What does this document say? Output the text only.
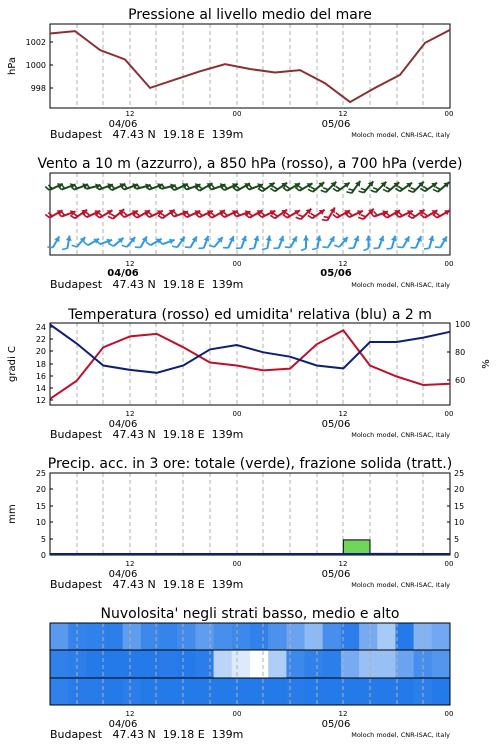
Pressione al livello medio del mare
1002
1000
998
hPa
12	00	12	00
04/06	05/06
Budapest   47.43 N  19.18 E  139m	Moloch model, CNR-ISAC, Italy
Vento a 10 m (azzurro), a 850 hPa (rosso), a 700 hPa (verde)
12	00	12	00
04/06	05/06
Budapest   47.43 N  19.18 E  139m	Moloch model, CNR-ISAC, Italy
Temperatura (rosso) ed umidita' relativa (blu) a 2 m
24
22
20
18
16
14
12
100
80
60
gradi C	%
12	00	12	00
04/06	05/06
Budapest   47.43 N  19.18 E  139m	Moloch model, CNR-ISAC, Italy
Precip. acc. in 3 ore: totale (verde), frazione solida (tratt.)
25
20
15
10
5
0
25
20
15
10
5
0
mm
12	00	12	00
04/06	05/06
Budapest   47.43 N  19.18 E  139m	Moloch model, CNR-ISAC, Italy
Nuvolosita' negli strati basso, medio e alto
12	00	12	00
04/06	05/06
Budapest   47.43 N  19.18 E  139m	Moloch model, CNR-ISAC, Italy
